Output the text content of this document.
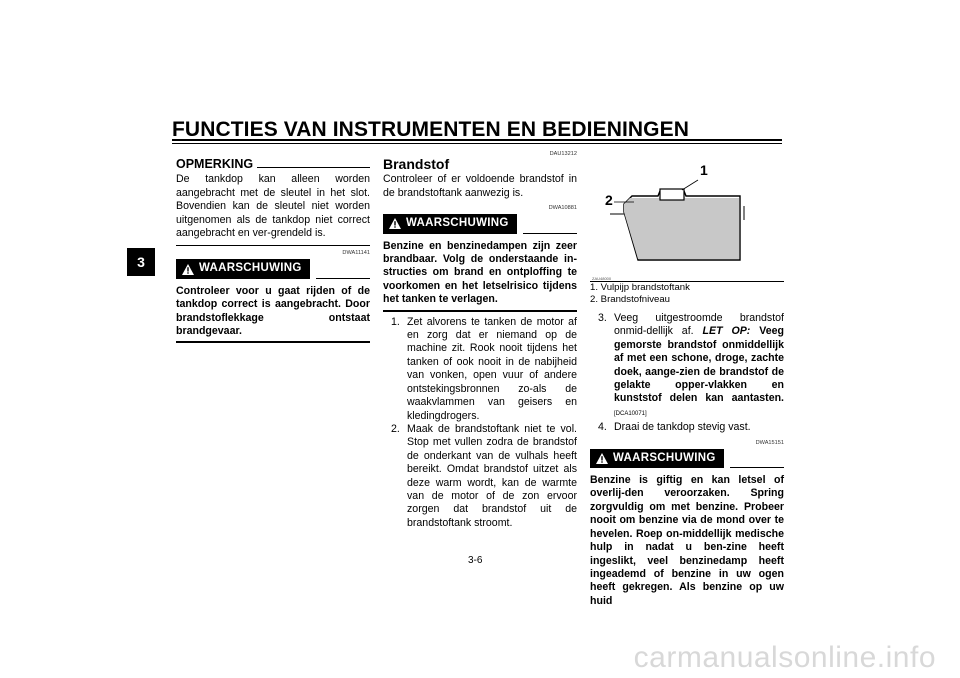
FUNCTIES VAN INSTRUMENTEN EN BEDIENINGEN
3
OPMERKING
De tankdop kan alleen worden aangebracht met de sleutel in het slot. Bovendien kan de sleutel niet worden uitgenomen als de tankdop niet correct aangebracht en ver-grendeld is.
DWA11141
WAARSCHUWING
Controleer voor u gaat rijden of de tankdop correct is aangebracht. Door brandstoflekkage ontstaat brandgevaar.
DAU13212
Brandstof
Controleer of er voldoende brandstof in de brandstoftank aanwezig is.
DWA10881
WAARSCHUWING
Benzine en benzinedampen zijn zeer brandbaar. Volg de onderstaande in-structies om brand en ontploffing te voorkomen en het letselrisico tijdens het tanken te verlagen.
1. Zet alvorens te tanken de motor af en zorg dat er niemand op de machine zit. Rook nooit tijdens het tanken of ook nooit in de nabijheid van vonken, open vuur of andere ontstekingsbronnen zo-als de waakvlammen van geisers en kledingdrogers.
2. Maak de brandstoftank niet te vol. Stop met vullen zodra de brandstof de onderkant van de vulhals heeft bereikt. Omdat brandstof uitzet als deze warm wordt, kan de warmte van de motor of de zon ervoor zorgen dat brandstof uit de brandstoftank stroomt.
1
2
ZAU48000
1. Vulpijp brandstoftank
2. Brandstofniveau
3. Veeg uitgestroomde brandstof onmid-dellijk af. LET OP: Veeg gemorste brandstof onmiddellijk af met een schone, droge, zachte doek, aange-zien de brandstof de gelakte opper-vlakken en kunststof delen kan aantasten. [DCA10071]
4. Draai de tankdop stevig vast.
DWA15151
WAARSCHUWING
Benzine is giftig en kan letsel of overlij-den veroorzaken. Spring zorgvuldig om met benzine. Probeer nooit om benzine via de mond over te hevelen. Roep on-middellijk medische hulp in nadat u ben-zine heeft ingeslikt, veel benzinedamp heeft ingeademd of benzine in uw ogen heeft gekregen. Als benzine op uw huid
3-6
carmanualsonline.info
